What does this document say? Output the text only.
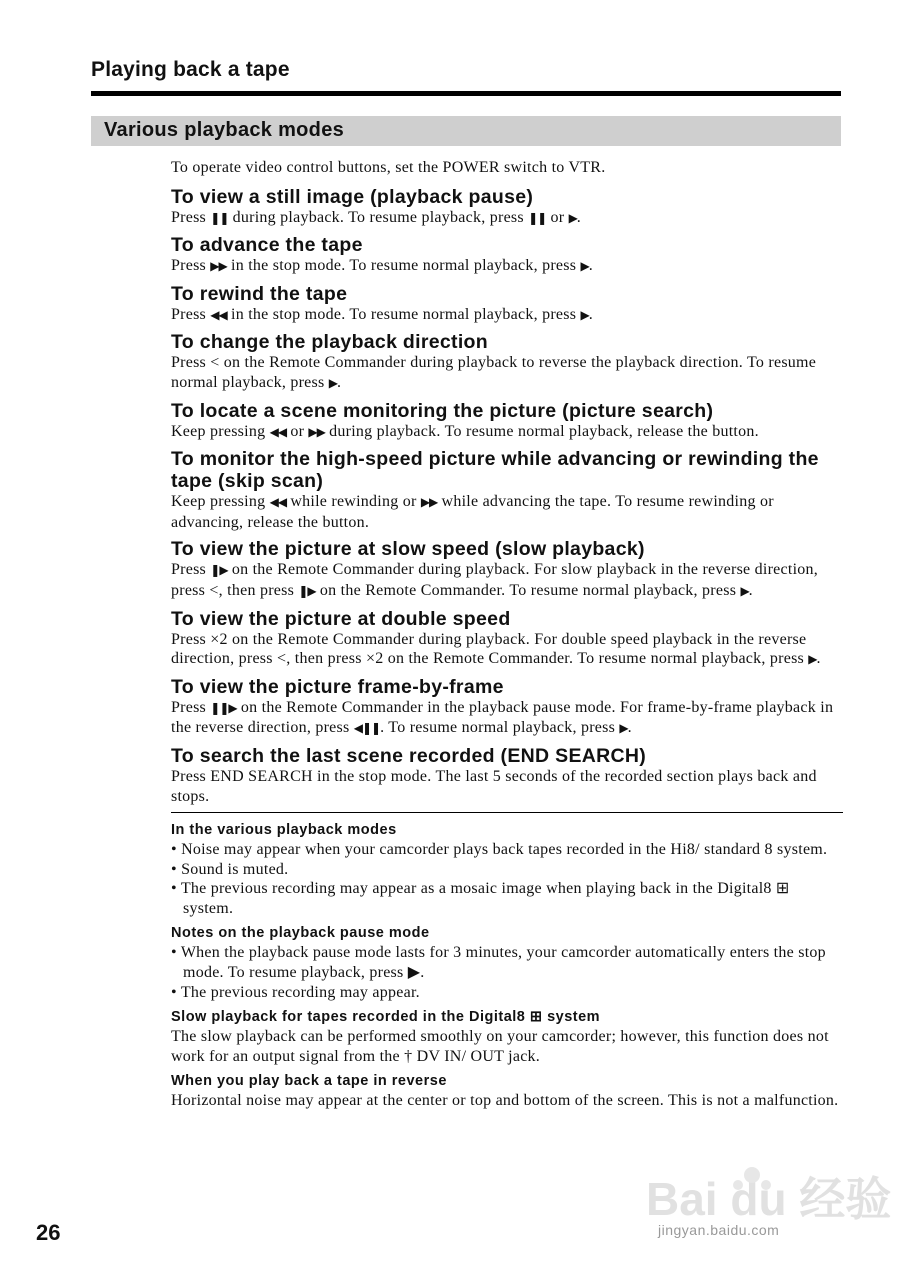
Playing back a tape
Various playback modes

To operate video control buttons, set the POWER switch to VTR.

To view a still image (playback pause)

Press ❚❚ during playback. To resume playback, press ❚❚ or ▶.

To advance the tape

Press ▶▶ in the stop mode. To resume normal playback, press ▶.

To rewind the tape

Press ◀◀ in the stop mode. To resume normal playback, press ▶.

To change the playback direction

Press < on the Remote Commander during playback to reverse the playback direction. To resume normal playback, press ▶.

To locate a scene monitoring the picture (picture search)

Keep pressing ◀◀ or ▶▶ during playback. To resume normal playback, release the button.

To monitor the high-speed picture while advancing or rewinding the tape (skip scan)

Keep pressing ◀◀ while rewinding or ▶▶ while advancing the tape. To resume rewinding or advancing, release the button.

To view the picture at slow speed (slow playback)

Press ❚▶ on the Remote Commander during playback. For slow playback in the reverse direction, press <, then press ❚▶ on the Remote Commander. To resume normal playback, press ▶.

To view the picture at double speed

Press ×2 on the Remote Commander during playback. For double speed playback in the reverse direction, press <, then press ×2 on the Remote Commander. To resume normal playback, press ▶.

To view the picture frame-by-frame

Press ❚❚▶ on the Remote Commander in the playback pause mode. For frame-by-frame playback in the reverse direction, press ◀❚❚. To resume normal playback, press ▶.

To search the last scene recorded (END SEARCH)

Press END SEARCH in the stop mode. The last 5 seconds of the recorded section plays back and stops.

In the various playback modes
• Noise may appear when your camcorder plays back tapes recorded in the Hi8/ standard 8 system.
• Sound is muted.
• The previous recording may appear as a mosaic image when playing back in the Digital8 ⊞ system.
Notes on the playback pause mode
• When the playback pause mode lasts for 3 minutes, your camcorder automatically enters the stop mode. To resume playback, press ▶.
• The previous recording may appear.
Slow playback for tapes recorded in the Digital8 ⊞ system
The slow playback can be performed smoothly on your camcorder; however, this function does not work for an output signal from the † DV IN/ OUT jack.
When you play back a tape in reverse
Horizontal noise may appear at the center or top and bottom of the screen. This is not a malfunction.
26
Bai du 经验
jingyan.baidu.com
